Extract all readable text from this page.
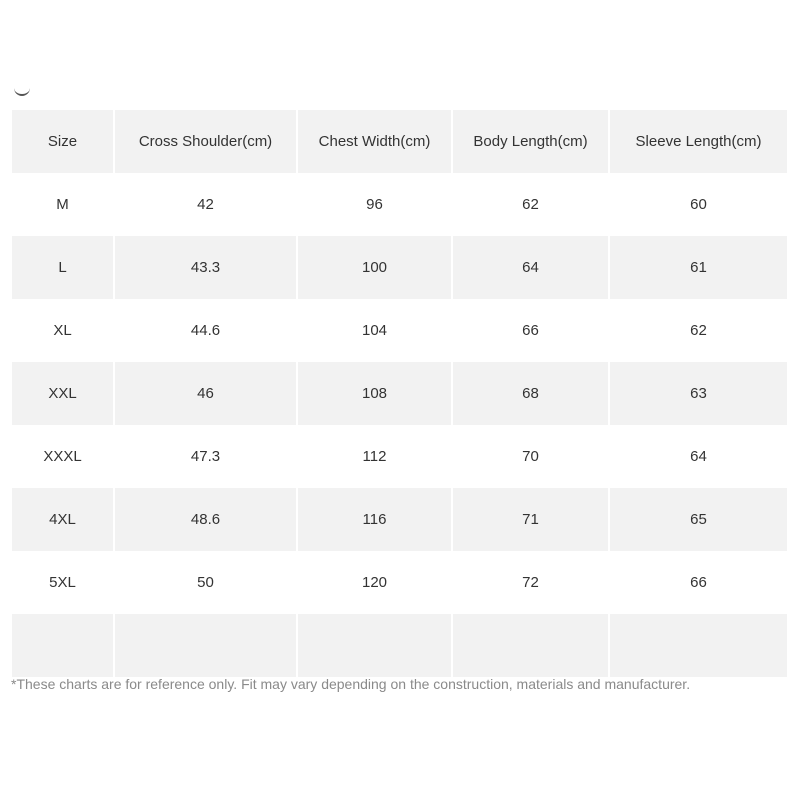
Size	Cross Shoulder(cm)	Chest Width(cm)	Body Length(cm)	Sleeve Length(cm)
M	42	96	62	60
L	43.3	100	64	61
XL	44.6	104	66	62
XXL	46	108	68	63
XXXL	47.3	112	70	64
4XL	48.6	116	71	65
5XL	50	120	72	66

*These charts are for reference only. Fit may vary depending on the construction, materials and manufacturer.
